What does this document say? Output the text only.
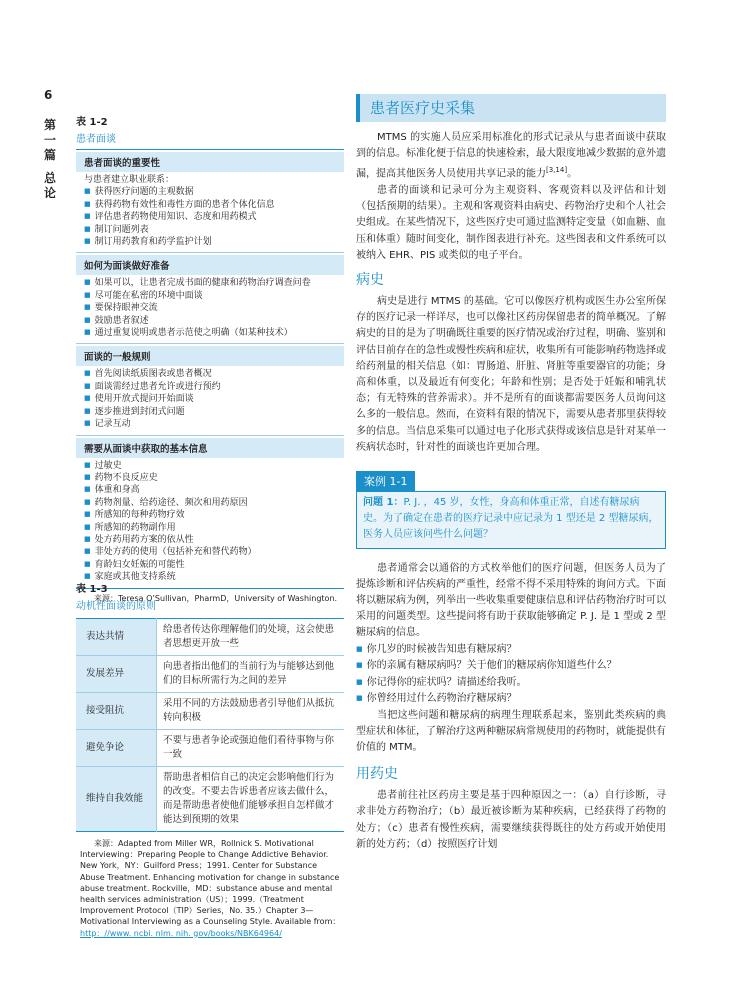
6
第
一
篇
总
论
表 1-2
患者面谈
患者面谈的重要性
与患者建立职业联系：
■ 获得医疗问题的主观数据
■ 获得药物有效性和毒性方面的患者个体化信息
■ 评估患者药物使用知识、态度和用药模式
■ 制订问题列表
■ 制订用药教育和药学监护计划
如何为面谈做好准备
■ 如果可以，让患者完成书面的健康和药物治疗调查问卷
■ 尽可能在私密的环境中面谈
■ 要保持眼神交流
■ 鼓励患者叙述
■ 通过重复说明或患者示范使之明确（如某种技术）
面谈的一般规则
■ 首先阅读纸质图表或患者概况
■ 面谈需经过患者允许或进行预约
■ 使用开放式提问开始面谈
■ 逐步推进到封闭式问题
■ 记录互动
需要从面谈中获取的基本信息
■ 过敏史
■ 药物不良反应史
■ 体重和身高
■ 药物剂量、给药途径、频次和用药原因
■ 所感知的每种药物疗效
■ 所感知的药物副作用
■ 处方药用药方案的依从性
■ 非处方药的使用（包括补充和替代药物）
■ 育龄妇女妊娠的可能性
■ 家庭或其他支持系统
来源：Teresa O’Sullivan，PharmD，University of Washington.
表 1-3
动机性面谈的原则
表达共情	给患者传达你理解他们的处境，这会使患者思想更开放一些
发展差异	向患者指出他们的当前行为与能够达到他们的目标所需行为之间的差异
接受阻抗	采用不同的方法鼓励患者引导他们从抵抗转向积极
避免争论	不要与患者争论或强迫他们看待事物与你一致
维持自我效能	帮助患者相信自己的决定会影响他们行为的改变。不要去告诉患者应该去做什么，而是帮助患者使他们能够承担自怎样做才能达到预期的效果
来源：Adapted from Miller WR，Rollnick S. Motivational Interviewing：Preparing People to Change Addictive Behavior. New York，NY：Guilford Press；1991. Center for Substance Abuse Treatment. Enhancing motivation for change in substance abuse treatment. Rockville，MD：substance abuse and mental health services administration（US）；1999.（Treatment Improvement Protocol（TIP）Series，No. 35.）Chapter 3—Motivational Interviewing as a Counseling Style. Available from：http：//www. ncbi. nlm. nih. gov/books/NBK64964/
患者医疗史采集

MTMS 的实施人员应采用标准化的形式记录从与患者面谈中获取到的信息。标准化便于信息的快速检索，最大限度地减少数据的意外遗漏，提高其他医务人员使用共享记录的能力[3,14]。

患者的面谈和记录可分为主观资料、客观资料以及评估和计划（包括预期的结果）。主观和客观资料由病史、药物治疗史和个人社会史组成。在某些情况下，这些医疗史可通过监测特定变量（如血糖、血压和体重）随时间变化，制作图表进行补充。这些图表和文件系统可以被纳入 EHR、PIS 或类似的电子平台。

病史

病史是进行 MTMS 的基础。它可以像医疗机构或医生办公室所保存的医疗记录一样详尽，也可以像社区药房保留患者的简单概况。了解病史的目的是为了明确既往重要的医疗情况或治疗过程，明确、鉴别和评估目前存在的急性或慢性疾病和症状，收集所有可能影响药物选择或给药剂量的相关信息（如：胃肠道、肝脏、肾脏等重要器官的功能；身高和体重，以及最近有何变化；年龄和性别；是否处于妊娠和哺乳状态；有无特殊的营养需求）。并不是所有的面谈都需要医务人员询问这么多的一般信息。然而，在资料有限的情况下，需要从患者那里获得较多的信息。当信息采集可以通过电子化形式获得或该信息是针对某单一疾病状态时，针对性的面谈也许更加合理。

案例 1-1
问题 1：P. J. ，45 岁，女性，身高和体重正常，自述有糖尿病史。为了确定在患者的医疗记录中应记录为 1 型还是 2 型糖尿病，医务人员应该问些什么问题？

患者通常会以通俗的方式枚举他们的医疗问题，但医务人员为了提炼诊断和评估疾病的严重性，经常不得不采用特殊的询问方式。下面将以糖尿病为例，列举出一些收集重要健康信息和评估药物治疗时可以采用的问题类型。这些提问将有助于获取能够确定 P. J. 是 1 型或 2 型糖尿病的信息。

■ 你几岁的时候被告知患有糖尿病？
■ 你的亲属有糖尿病吗？关于他们的糖尿病你知道些什么？
■ 你记得你的症状吗？请描述给我听。
■ 你曾经用过什么药物治疗糖尿病？

当把这些问题和糖尿病的病理生理联系起来，鉴别此类疾病的典型症状和体征，了解治疗这两种糖尿病常规使用的药物时，就能提供有价值的 MTM。

用药史

患者前往社区药房主要是基于四种原因之一：（a）自行诊断，寻求非处方药物治疗；（b）最近被诊断为某种疾病，已经获得了药物的处方；（c）患者有慢性疾病，需要继续获得既往的处方药或开始使用新的处方药；（d）按照医疗计划
